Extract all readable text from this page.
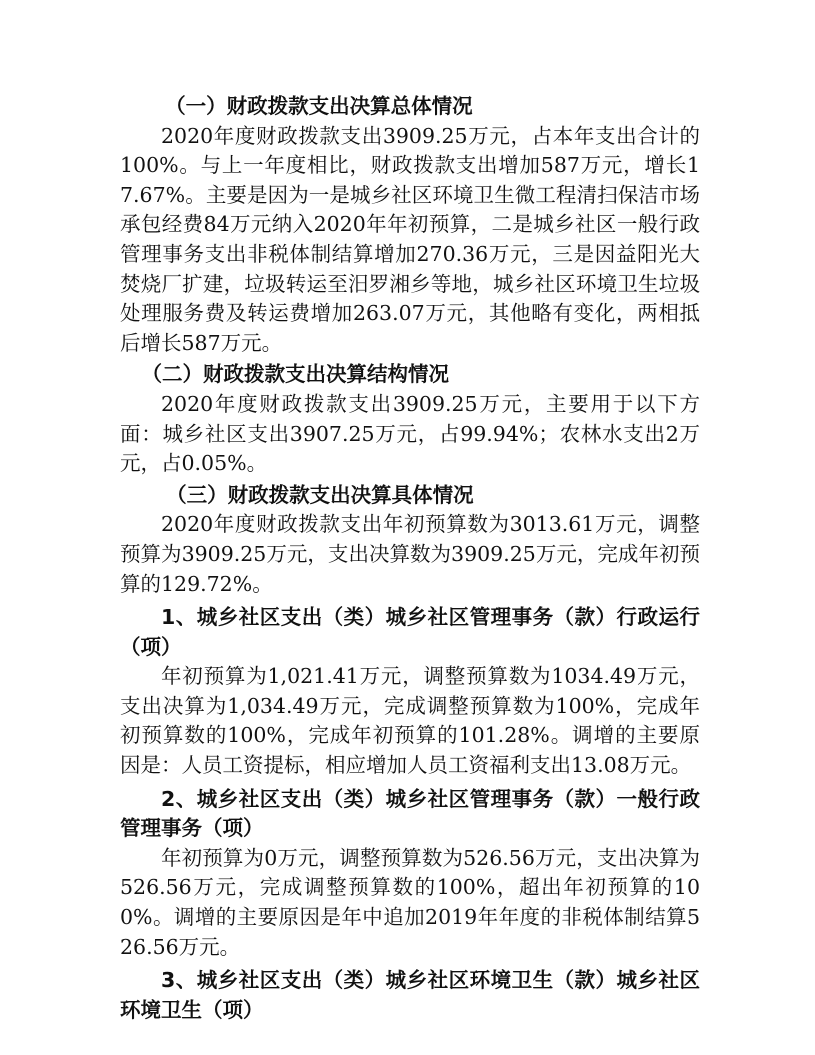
（一）财政拨款支出决算总体情况

2020年度财政拨款支出3909.25万元，占本年支出合计的100%。与上一年度相比，财政拨款支出增加587万元，增长17.67%。主要是因为一是城乡社区环境卫生微工程清扫保洁市场承包经费84万元纳入2020年年初预算，二是城乡社区一般行政管理事务支出非税体制结算增加270.36万元，三是因益阳光大焚烧厂扩建，垃圾转运至汨罗湘乡等地，城乡社区环境卫生垃圾处理服务费及转运费增加263.07万元，其他略有变化，两相抵后增长587万元。

（二）财政拨款支出决算结构情况

2020年度财政拨款支出3909.25万元，主要用于以下方面：城乡社区支出3907.25万元，占99.94%；农林水支出2万元，占0.05%。

（三）财政拨款支出决算具体情况

2020年度财政拨款支出年初预算数为3013.61万元，调整预算为3909.25万元，支出决算数为3909.25万元，完成年初预算的129.72%。

1、城乡社区支出（类）城乡社区管理事务（款）行政运行（项）

年初预算为1,021.41万元，调整预算数为1034.49万元，支出决算为1,034.49万元，完成调整预算数为100%，完成年初预算数的100%，完成年初预算的101.28%。调增的主要原因是：人员工资提标，相应增加人员工资福利支出13.08万元。

2、城乡社区支出（类）城乡社区管理事务（款）一般行政管理事务（项）

年初预算为0万元，调整预算数为526.56万元，支出决算为526.56万元，完成调整预算数的100%，超出年初预算的100%。调增的主要原因是年中追加2019年年度的非税体制结算526.56万元。

3、城乡社区支出（类）城乡社区环境卫生（款）城乡社区环境卫生（项）
